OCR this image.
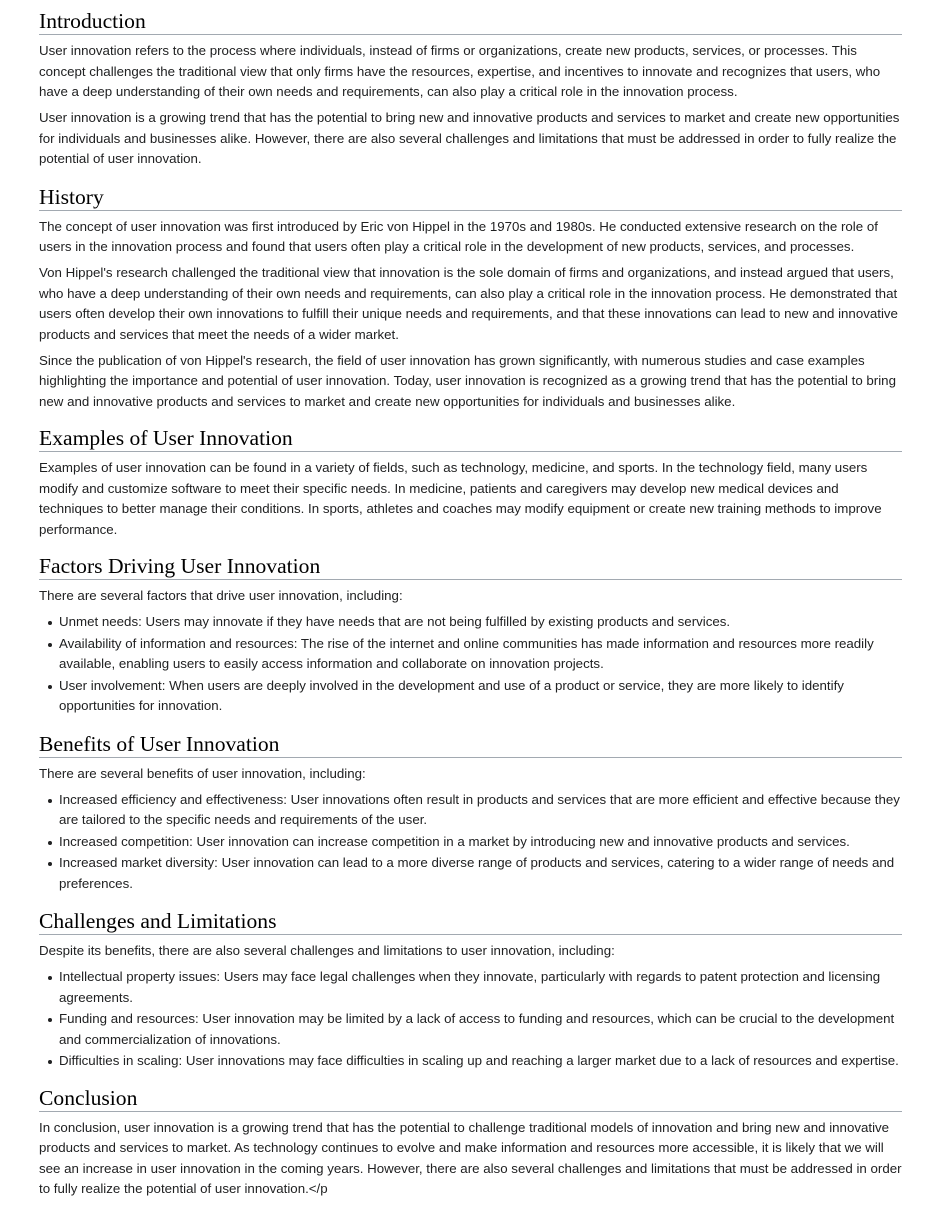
Introduction

User innovation refers to the process where individuals, instead of firms or organizations, create new products, services, or processes. This concept challenges the traditional view that only firms have the resources, expertise, and incentives to innovate and recognizes that users, who have a deep understanding of their own needs and requirements, can also play a critical role in the innovation process.

User innovation is a growing trend that has the potential to bring new and innovative products and services to market and create new opportunities for individuals and businesses alike. However, there are also several challenges and limitations that must be addressed in order to fully realize the potential of user innovation.

History

The concept of user innovation was first introduced by Eric von Hippel in the 1970s and 1980s. He conducted extensive research on the role of users in the innovation process and found that users often play a critical role in the development of new products, services, and processes.

Von Hippel's research challenged the traditional view that innovation is the sole domain of firms and organizations, and instead argued that users, who have a deep understanding of their own needs and requirements, can also play a critical role in the innovation process. He demonstrated that users often develop their own innovations to fulfill their unique needs and requirements, and that these innovations can lead to new and innovative products and services that meet the needs of a wider market.

Since the publication of von Hippel's research, the field of user innovation has grown significantly, with numerous studies and case examples highlighting the importance and potential of user innovation. Today, user innovation is recognized as a growing trend that has the potential to bring new and innovative products and services to market and create new opportunities for individuals and businesses alike.

Examples of User Innovation

Examples of user innovation can be found in a variety of fields, such as technology, medicine, and sports. In the technology field, many users modify and customize software to meet their specific needs. In medicine, patients and caregivers may develop new medical devices and techniques to better manage their conditions. In sports, athletes and coaches may modify equipment or create new training methods to improve performance.

Factors Driving User Innovation

There are several factors that drive user innovation, including:

Unmet needs: Users may innovate if they have needs that are not being fulfilled by existing products and services.
Availability of information and resources: The rise of the internet and online communities has made information and resources more readily available, enabling users to easily access information and collaborate on innovation projects.
User involvement: When users are deeply involved in the development and use of a product or service, they are more likely to identify opportunities for innovation.
Benefits of User Innovation

There are several benefits of user innovation, including:

Increased efficiency and effectiveness: User innovations often result in products and services that are more efficient and effective because they are tailored to the specific needs and requirements of the user.
Increased competition: User innovation can increase competition in a market by introducing new and innovative products and services.
Increased market diversity: User innovation can lead to a more diverse range of products and services, catering to a wider range of needs and preferences.
Challenges and Limitations

Despite its benefits, there are also several challenges and limitations to user innovation, including:

Intellectual property issues: Users may face legal challenges when they innovate, particularly with regards to patent protection and licensing agreements.
Funding and resources: User innovation may be limited by a lack of access to funding and resources, which can be crucial to the development and commercialization of innovations.
Difficulties in scaling: User innovations may face difficulties in scaling up and reaching a larger market due to a lack of resources and expertise.
Conclusion

In conclusion, user innovation is a growing trend that has the potential to challenge traditional models of innovation and bring new and innovative products and services to market. As technology continues to evolve and make information and resources more accessible, it is likely that we will see an increase in user innovation in the coming years. However, there are also several challenges and limitations that must be addressed in order to fully realize the potential of user innovation.</p
